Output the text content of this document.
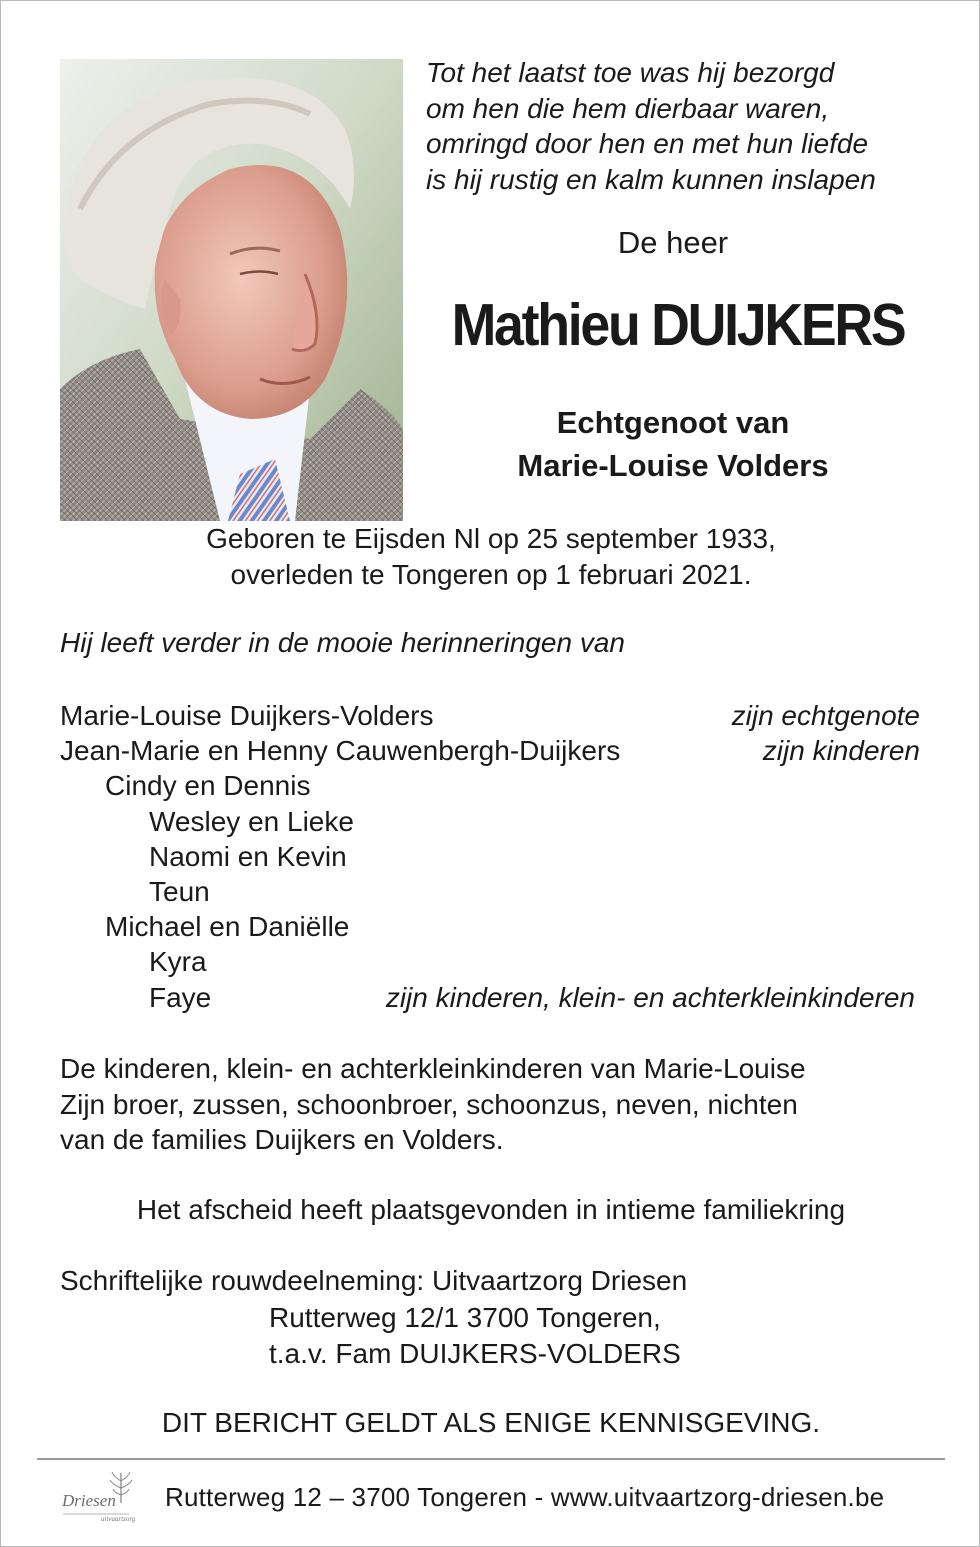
Tot het laatst toe was hij bezorgd
om hen die hem dierbaar waren,
omringd door hen en met hun liefde
is hij rustig en kalm kunnen inslapen
De heer
Mathieu DUIJKERS
Echtgenoot van
Marie-Louise Volders
Geboren te Eijsden Nl op 25 september 1933,
overleden te Tongeren op 1 februari 2021.
Hij leeft verder in de mooie herinneringen van
Marie-Louise Duijkers-Volders	zijn echtgenote
Jean-Marie en Henny Cauwenbergh-Duijkers	zijn kinderen
Cindy en Dennis
Wesley en Lieke
Naomi en Kevin
Teun
Michael en Daniëlle
Kyra
Faye	zijn kinderen, klein- en achterkleinkinderen
De kinderen, klein- en achterkleinkinderen van Marie-Louise
Zijn broer, zussen, schoonbroer, schoonzus, neven, nichten
van de families Duijkers en Volders.
Het afscheid heeft plaatsgevonden in intieme familiekring
Schriftelijke rouwdeelneming: Uitvaartzorg Driesen
Rutterweg 12/1 3700 Tongeren,
t.a.v. Fam DUIJKERS-VOLDERS
DIT BERICHT GELDT ALS ENIGE KENNISGEVING.
Driesen
uitvaartzorg
Rutterweg 12 – 3700 Tongeren - www.uitvaartzorg-driesen.be
